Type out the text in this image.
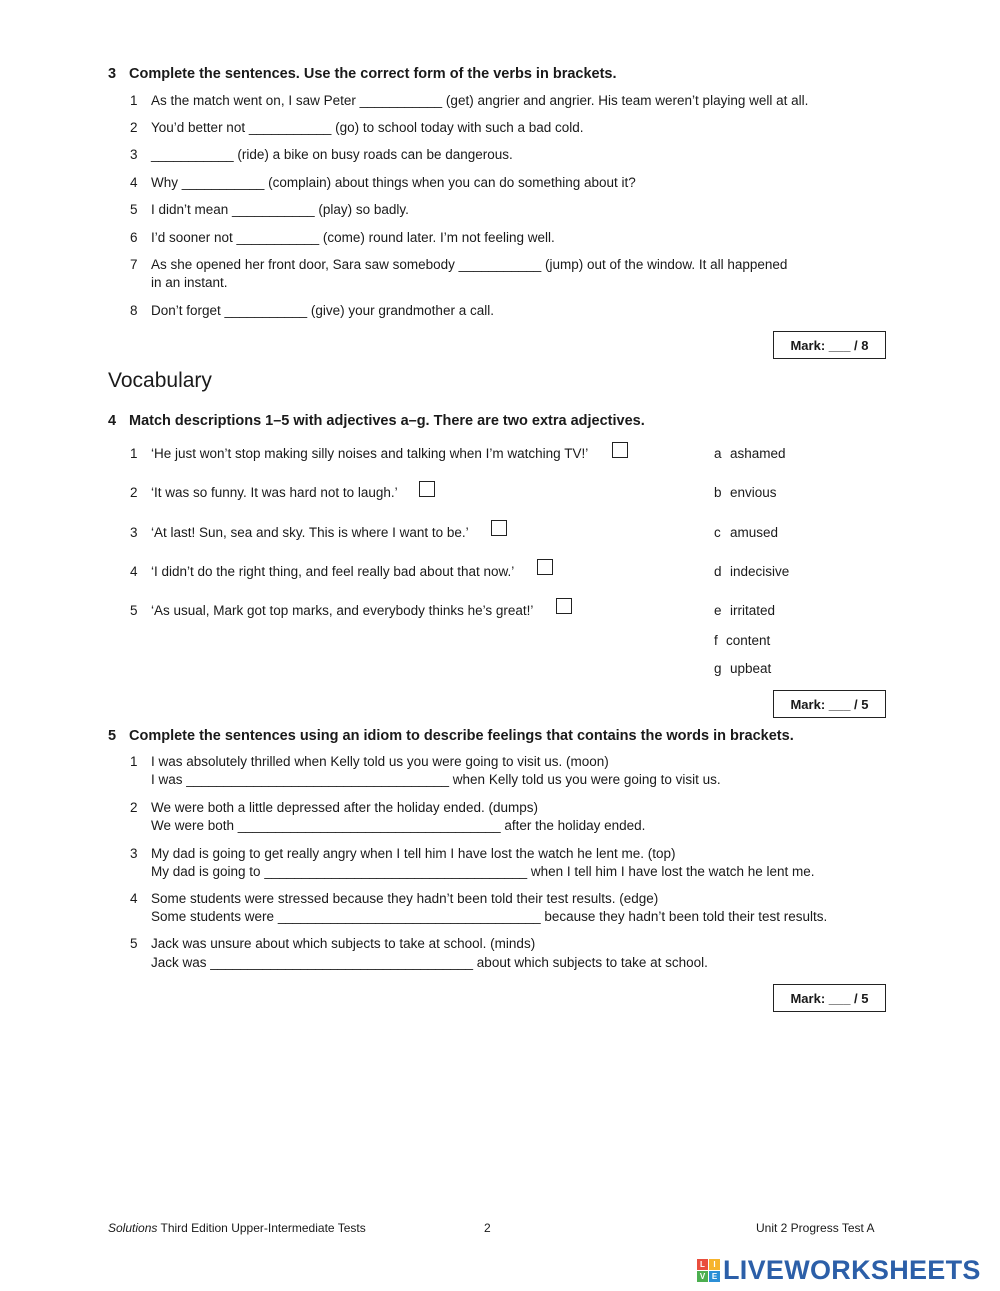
3 Complete the sentences. Use the correct form of the verbs in brackets.
1 As the match went on, I saw Peter ___________ (get) angrier and angrier. His team weren’t playing well at all.
2 You’d better not ___________ (go) to school today with such a bad cold.
3 ___________ (ride) a bike on busy roads can be dangerous.
4 Why ___________ (complain) about things when you can do something about it?
5 I didn’t mean ___________ (play) so badly.
6 I’d sooner not ___________ (come) round later. I’m not feeling well.
7 As she opened her front door, Sara saw somebody ___________ (jump) out of the window. It all happened
in an instant.
8 Don’t forget ___________ (give) your grandmother a call.
Mark: ___ / 8
Vocabulary
4 Match descriptions 1–5 with adjectives a–g. There are two extra adjectives.
1 ‘He just won’t stop making silly noises and talking when I’m watching TV!’
2 ‘It was so funny. It was hard not to laugh.’
3 ‘At last! Sun, sea and sky. This is where I want to be.’
4 ‘I didn’t do the right thing, and feel really bad about that now.’
5 ‘As usual, Mark got top marks, and everybody thinks he’s great!’
a ashamed
b envious
c amused
d indecisive
e irritated
f content
g upbeat
Mark: ___ / 5
5 Complete the sentences using an idiom to describe feelings that contains the words in brackets.
1 I was absolutely thrilled when Kelly told us you were going to visit us. (moon)
I was ___________________________________ when Kelly told us you were going to visit us.
2 We were both a little depressed after the holiday ended. (dumps)
We were both ___________________________________ after the holiday ended.
3 My dad is going to get really angry when I tell him I have lost the watch he lent me. (top)
My dad is going to ___________________________________ when I tell him I have lost the watch he lent me.
4 Some students were stressed because they hadn’t been told their test results. (edge)
Some students were ___________________________________ because they hadn’t been told their test results.
5 Jack was unsure about which subjects to take at school. (minds)
Jack was ___________________________________ about which subjects to take at school.
Mark: ___ / 5
Solutions Third Edition Upper-Intermediate Tests	2	Unit 2 Progress Test A
L	I
V E LIVEWORKSHEETS
